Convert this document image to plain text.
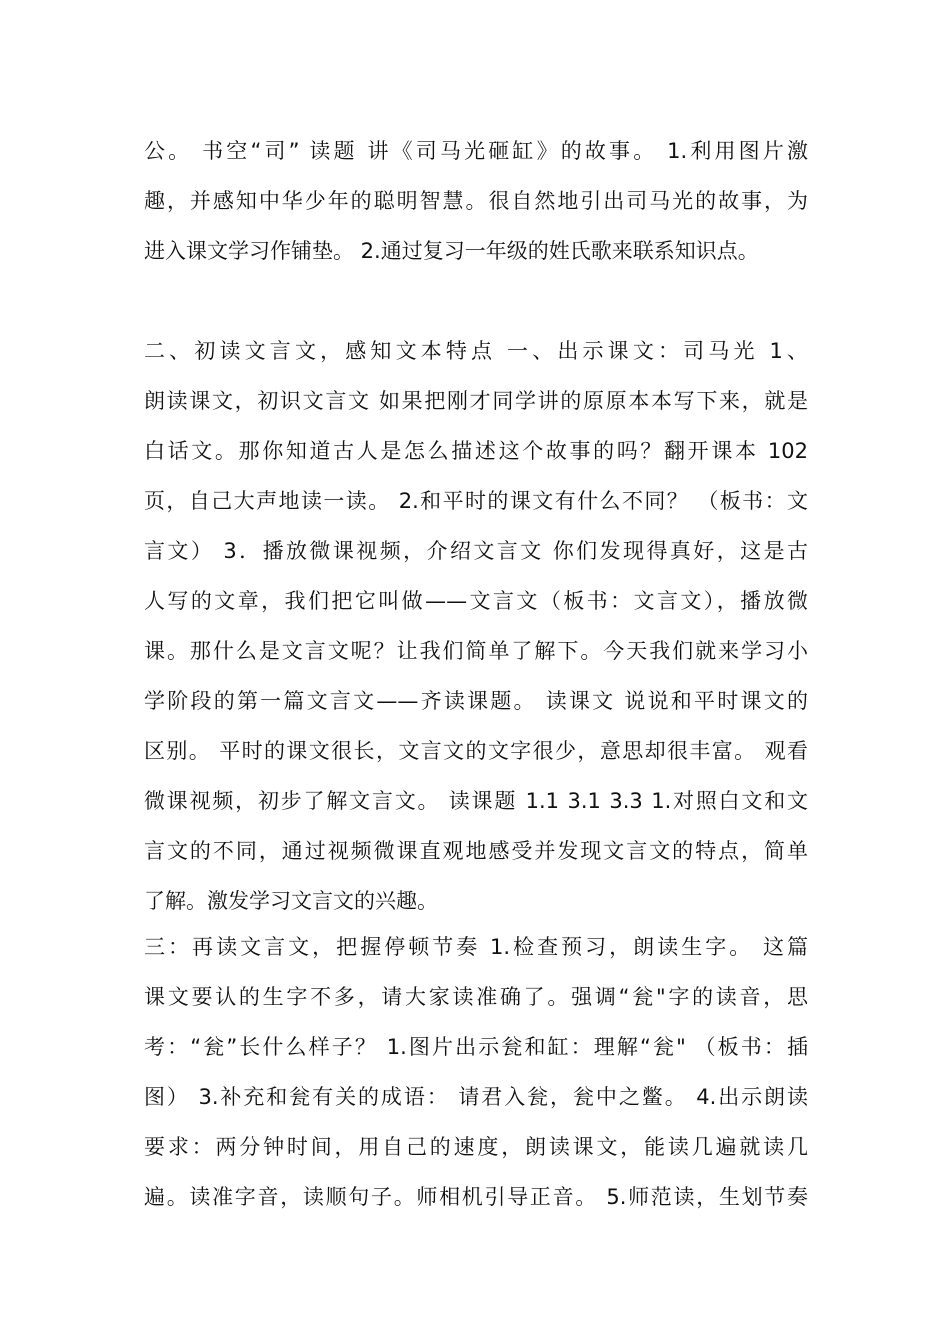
公。 书空“司” 读题 讲《司马光砸缸》的故事。 1.利用图片激
趣，并感知中华少年的聪明智慧。很自然地引出司马光的故事，为
进入课文学习作铺垫。 2.通过复习一年级的姓氏歌来联系知识点。
二、初读文言文，感知文本特点 一、出示课文：司马光 1、
朗读课文，初识文言文 如果把刚才同学讲的原原本本写下来，就是
白话文。那你知道古人是怎么描述这个故事的吗？翻开课本 102
页，自己大声地读一读。 2.和平时的课文有什么不同？ （板书：文
言文） 3．播放微课视频，介绍文言文 你们发现得真好，这是古
人写的文章，我们把它叫做——文言文（板书：文言文），播放微
课。那什么是文言文呢？让我们简单了解下。今天我们就来学习小
学阶段的第一篇文言文——齐读课题。 读课文 说说和平时课文的
区别。 平时的课文很长，文言文的文字很少，意思却很丰富。 观看
微课视频，初步了解文言文。 读课题 1.1 3.1 3.3 1.对照白文和文
言文的不同，通过视频微课直观地感受并发现文言文的特点，简单
了解。激发学习文言文的兴趣。
三：再读文言文，把握停顿节奏 1.检查预习，朗读生字。 这篇
课文要认的生字不多，请大家读准确了。强调“瓮"字的读音，思
考：“瓮”长什么样子？ 1.图片出示瓮和缸：理解“瓮" （板书：插
图） 3.补充和瓮有关的成语： 请君入瓮，瓮中之鳖。 4.出示朗读
要求：两分钟时间，用自己的速度，朗读课文，能读几遍就读几
遍。读准字音，读顺句子。师相机引导正音。 5.师范读，生划节奏
